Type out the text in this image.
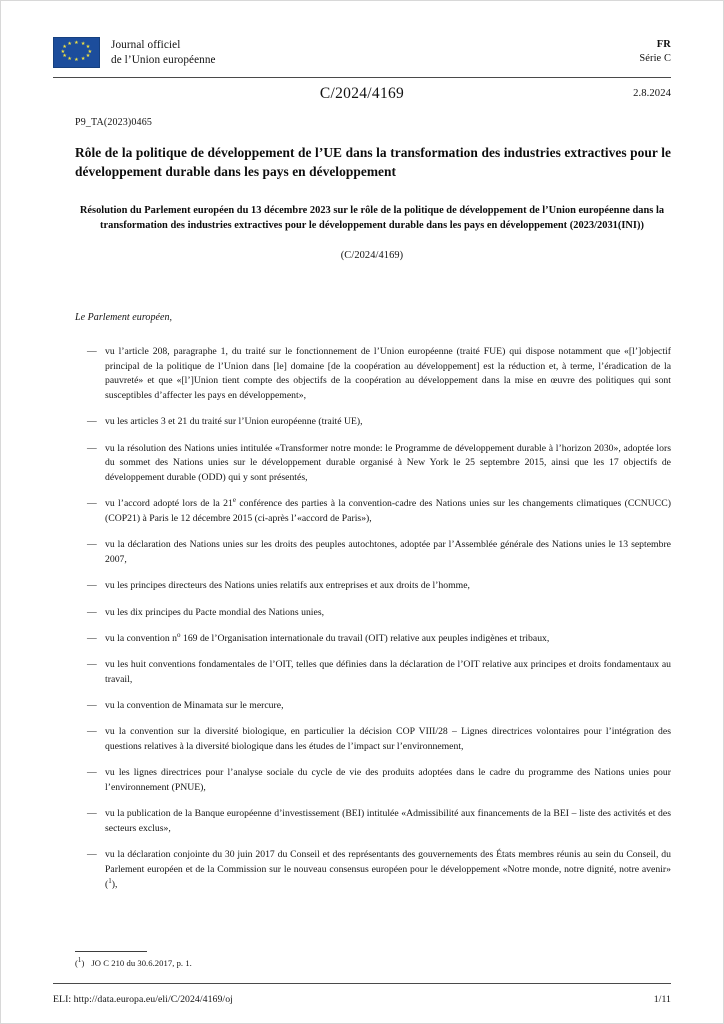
Journal officiel
de l’Union européenne
FR
Série C
C/2024/4169	2.8.2024
P9_TA(2023)0465
Rôle de la politique de développement de l’UE dans la transformation des industries extractives pour le développement durable dans les pays en développement

Résolution du Parlement européen du 13 décembre 2023 sur le rôle de la politique de développement de l’Union européenne dans la transformation des industries extractives pour le développement durable dans les pays en développement (2023/2031(INI))

(C/2024/4169)

Le Parlement européen,

— vu l’article 208, paragraphe 1, du traité sur le fonctionnement de l’Union européenne (traité FUE) qui dispose notamment que «[l’]objectif principal de la politique de l’Union dans [le] domaine [de la coopération au développement] est la réduction et, à terme, l’éradication de la pauvreté» et que «[l’]Union tient compte des objectifs de la coopération au développement dans la mise en œuvre des politiques qui sont susceptibles d’affecter les pays en développement»,
— vu les articles 3 et 21 du traité sur l’Union européenne (traité UE),
— vu la résolution des Nations unies intitulée «Transformer notre monde: le Programme de développement durable à l’horizon 2030», adoptée lors du sommet des Nations unies sur le développement durable organisé à New York le 25 septembre 2015, ainsi que les 17 objectifs de développement durable (ODD) qui y sont présentés,
— vu l’accord adopté lors de la 21e conférence des parties à la convention-cadre des Nations unies sur les changements climatiques (CCNUCC) (COP21) à Paris le 12 décembre 2015 (ci-après l’«accord de Paris»),
— vu la déclaration des Nations unies sur les droits des peuples autochtones, adoptée par l’Assemblée générale des Nations unies le 13 septembre 2007,
— vu les principes directeurs des Nations unies relatifs aux entreprises et aux droits de l’homme,
— vu les dix principes du Pacte mondial des Nations unies,
— vu la convention $n^o$ 169 de l’Organisation internationale du travail (OIT) relative aux peuples indigènes et tribaux,
— vu les huit conventions fondamentales de l’OIT, telles que définies dans la déclaration de l’OIT relative aux principes et droits fondamentaux au travail,
— vu la convention de Minamata sur le mercure,
— vu la convention sur la diversité biologique, en particulier la décision COP VIII/28 – Lignes directrices volontaires pour l’intégration des questions relatives à la diversité biologique dans les études de l’impact sur l’environnement,
— vu les lignes directrices pour l’analyse sociale du cycle de vie des produits adoptées dans le cadre du programme des Nations unies pour l’environnement (PNUE),
— vu la publication de la Banque européenne d’investissement (BEI) intitulée «Admissibilité aux financements de la BEI – liste des activités et des secteurs exclus»,
— vu la déclaration conjointe du 30 juin 2017 du Conseil et des représentants des gouvernements des États membres réunis au sein du Conseil, du Parlement européen et de la Commission sur le nouveau consensus européen pour le développement «Notre monde, notre dignité, notre avenir» ($^1$),
($^1$) JO C 210 du 30.6.2017, p. 1.
ELI: http://data.europa.eu/eli/C/2024/4169/oj	1/11
